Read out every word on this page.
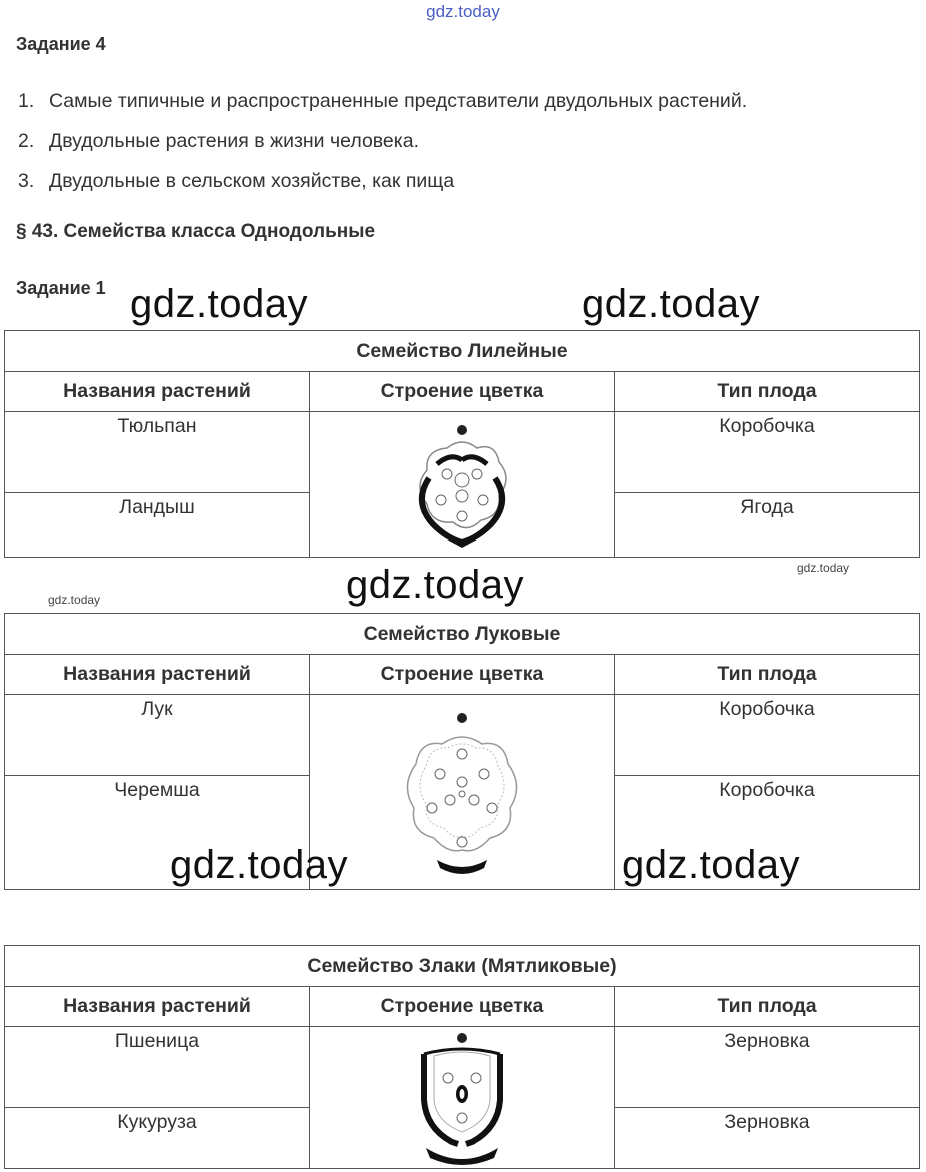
gdz.today
Задание 4
1. Самые типичные и распространенные представители двудольных растений.
2. Двудольные растения в жизни человека.
3. Двудольные в сельском хозяйстве, как пища
§ 43. Семейства класса Однодольные
Задание 1
Семейство Лилейные		
Названия растений	Строение цветка	Тип плода
Тюльпан		Коробочка
Ландыш		Ягода
Семейство Луковые		
Названия растений	Строение цветка	Тип плода
Лук		Коробочка
Черемша		Коробочка
Семейство Злаки (Мятликовые)		
Названия растений	Строение цветка	Тип плода
Пшеница		Зерновка
Кукуруза		Зерновка
gdz.today	gdz.today
gdz.today	gdz.today
gdz.today
gdz.today	gdz.today
